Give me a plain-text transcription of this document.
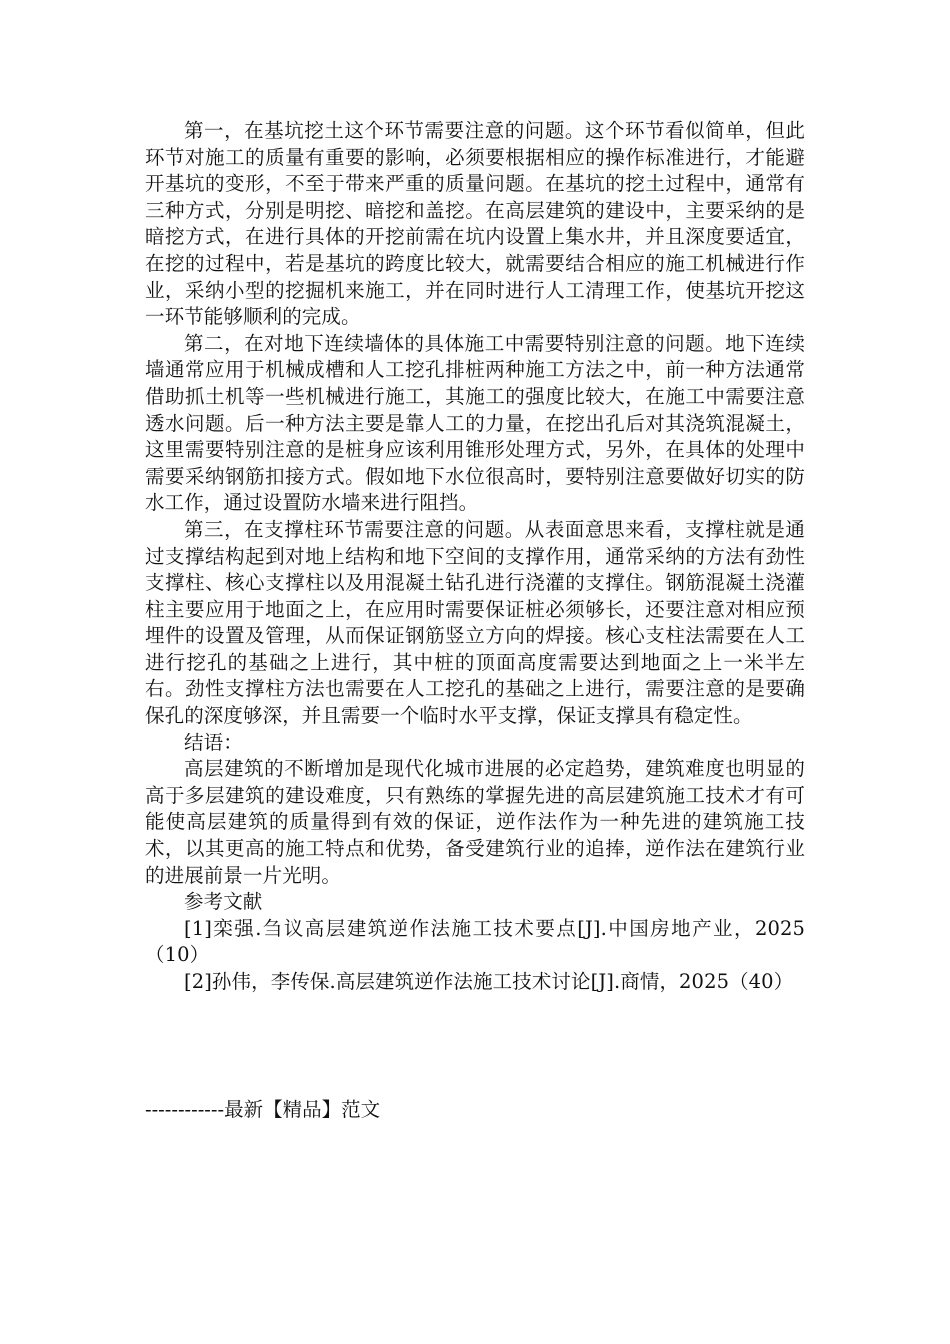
第一，在基坑挖土这个环节需要注意的问题。这个环节看似简单，但此环节对施工的质量有重要的影响，必须要根据相应的操作标准进行，才能避开基坑的变形，不至于带来严重的质量问题。在基坑的挖土过程中，通常有三种方式，分别是明挖、暗挖和盖挖。在高层建筑的建设中，主要采纳的是暗挖方式，在进行具体的开挖前需在坑内设置上集水井，并且深度要适宜，在挖的过程中，若是基坑的跨度比较大，就需要结合相应的施工机械进行作业，采纳小型的挖掘机来施工，并在同时进行人工清理工作，使基坑开挖这一环节能够顺利的完成。

第二，在对地下连续墙体的具体施工中需要特别注意的问题。地下连续墙通常应用于机械成槽和人工挖孔排桩两种施工方法之中，前一种方法通常借助抓土机等一些机械进行施工，其施工的强度比较大，在施工中需要注意透水问题。后一种方法主要是靠人工的力量，在挖出孔后对其浇筑混凝土，这里需要特别注意的是桩身应该利用锥形处理方式，另外，在具体的处理中需要采纳钢筋扣接方式。假如地下水位很高时，要特别注意要做好切实的防水工作，通过设置防水墙来进行阻挡。

第三，在支撑柱环节需要注意的问题。从表面意思来看，支撑柱就是通过支撑结构起到对地上结构和地下空间的支撑作用，通常采纳的方法有劲性支撑柱、核心支撑柱以及用混凝土钻孔进行浇灌的支撑住。钢筋混凝土浇灌柱主要应用于地面之上，在应用时需要保证桩必须够长，还要注意对相应预埋件的设置及管理，从而保证钢筋竖立方向的焊接。核心支柱法需要在人工进行挖孔的基础之上进行，其中桩的顶面高度需要达到地面之上一米半左右。劲性支撑柱方法也需要在人工挖孔的基础之上进行，需要注意的是要确保孔的深度够深，并且需要一个临时水平支撑，保证支撑具有稳定性。

结语：

高层建筑的不断增加是现代化城市进展的必定趋势，建筑难度也明显的高于多层建筑的建设难度，只有熟练的掌握先进的高层建筑施工技术才有可能使高层建筑的质量得到有效的保证，逆作法作为一种先进的建筑施工技术，以其更高的施工特点和优势，备受建筑行业的追捧，逆作法在建筑行业的进展前景一片光明。

参考文献

[1]栾强.刍议高层建筑逆作法施工技术要点[J].中国房地产业，2025（10）

[2]孙伟，李传保.高层建筑逆作法施工技术讨论[J].商情，2025（40）

------------最新【精品】范文
